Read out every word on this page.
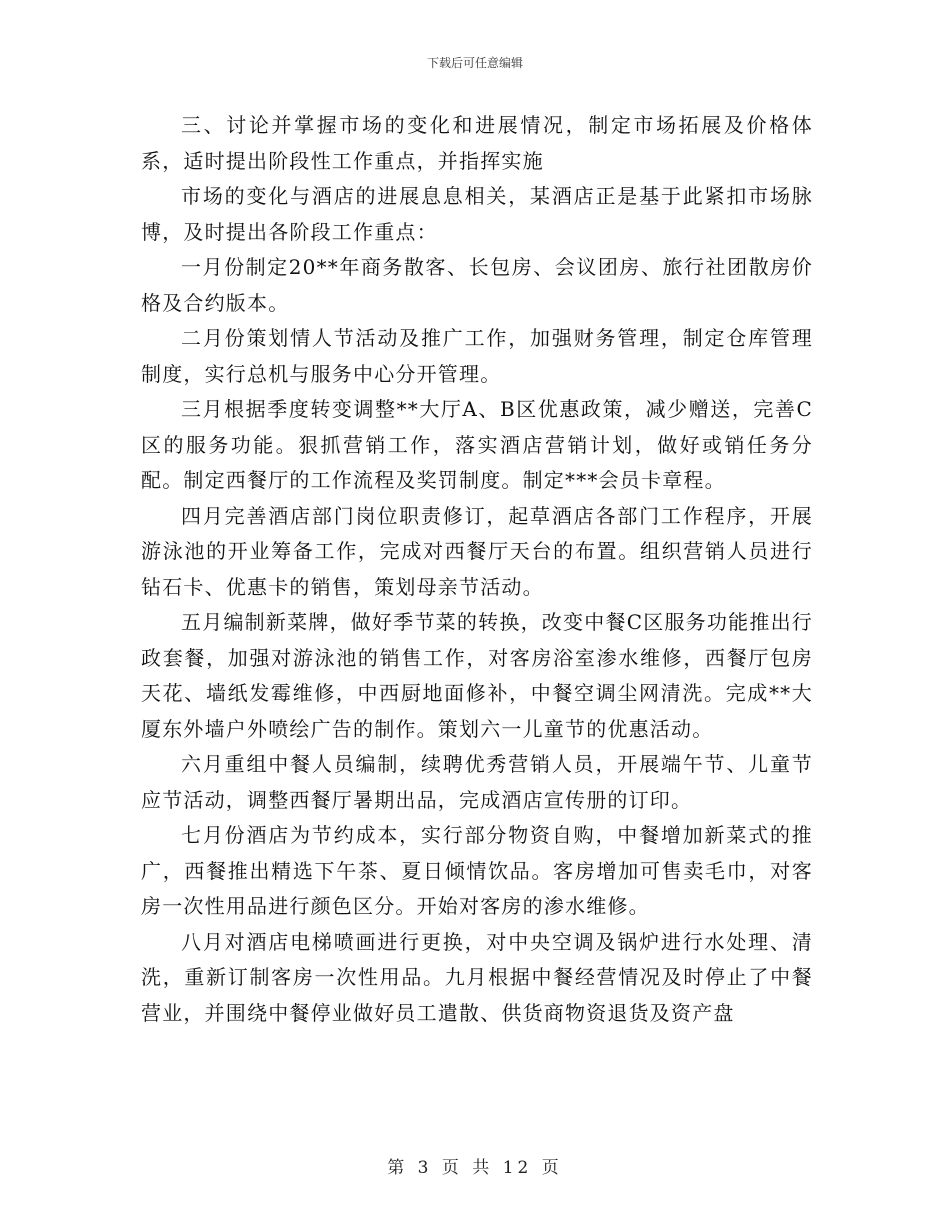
下载后可任意编辑

三、讨论并掌握市场的变化和进展情况，制定市场拓展及价格体系，适时提出阶段性工作重点，并指挥实施

市场的变化与酒店的进展息息相关，某酒店正是基于此紧扣市场脉博，及时提出各阶段工作重点：

一月份制定20**年商务散客、长包房、会议团房、旅行社团散房价格及合约版本。

二月份策划情人节活动及推广工作，加强财务管理，制定仓库管理制度，实行总机与服务中心分开管理。

三月根据季度转变调整**大厅A、B区优惠政策，减少赠送，完善C区的服务功能。狠抓营销工作，落实酒店营销计划，做好或销任务分配。制定西餐厅的工作流程及奖罚制度。制定***会员卡章程。

四月完善酒店部门岗位职责修订，起草酒店各部门工作程序，开展游泳池的开业筹备工作，完成对西餐厅天台的布置。组织营销人员进行钻石卡、优惠卡的销售，策划母亲节活动。

五月编制新菜牌，做好季节菜的转换，改变中餐C区服务功能推出行政套餐，加强对游泳池的销售工作，对客房浴室渗水维修，西餐厅包房天花、墙纸发霉维修，中西厨地面修补，中餐空调尘网清洗。完成**大厦东外墙户外喷绘广告的制作。策划六一儿童节的优惠活动。

六月重组中餐人员编制，续聘优秀营销人员，开展端午节、儿童节应节活动，调整西餐厅暑期出品，完成酒店宣传册的订印。

七月份酒店为节约成本，实行部分物资自购，中餐增加新菜式的推广，西餐推出精选下午茶、夏日倾情饮品。客房增加可售卖毛巾，对客房一次性用品进行颜色区分。开始对客房的渗水维修。

八月对酒店电梯喷画进行更换，对中央空调及锅炉进行水处理、清洗，重新订制客房一次性用品。九月根据中餐经营情况及时停止了中餐营业，并围绕中餐停业做好员工遣散、供货商物资退货及资产盘

第 3 页 共 12 页
